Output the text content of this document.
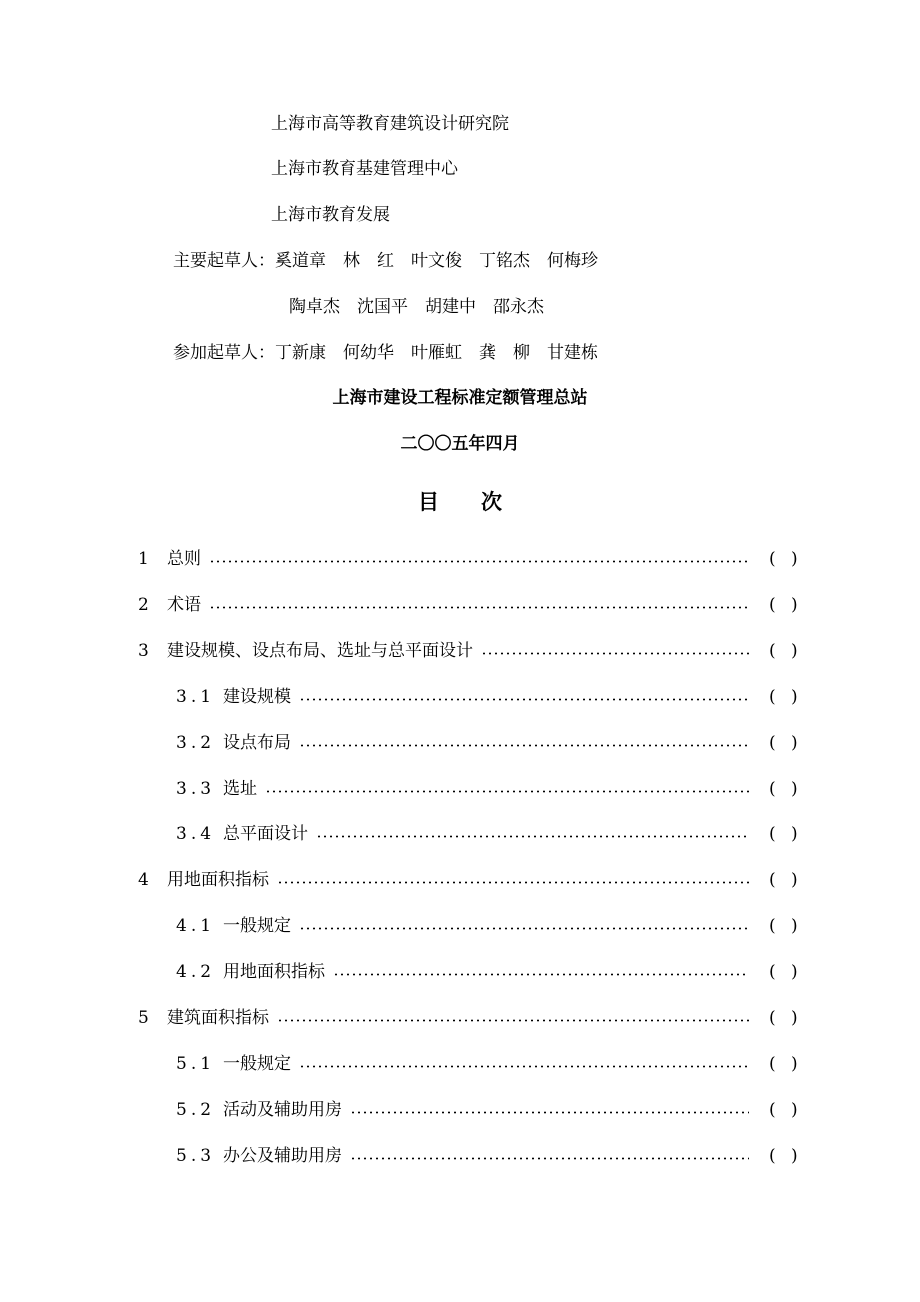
上海市高等教育建筑设计研究院
上海市教育基建管理中心
上海市教育发展
主要起草人：奚道章　林　红　叶文俊　丁铭杰　何梅珍
陶卓杰　沈国平　胡建中　邵永杰
参加起草人：丁新康　何幼华　叶雁虹　龚　柳　甘建栋
上海市建设工程标准定额管理总站
二〇〇五年四月
目　　次
1 总则	( )
2 术语	( )
3 建设规模、设点布局、选址与总平面设计	( )
3.1 建设规模	( )
3.2 设点布局	( )
3.3 选址	( )
3.4 总平面设计	( )
4 用地面积指标	( )
4.1 一般规定	( )
4.2 用地面积指标	( )
5 建筑面积指标	( )
5.1 一般规定	( )
5.2 活动及辅助用房	( )
5.3 办公及辅助用房	( )
